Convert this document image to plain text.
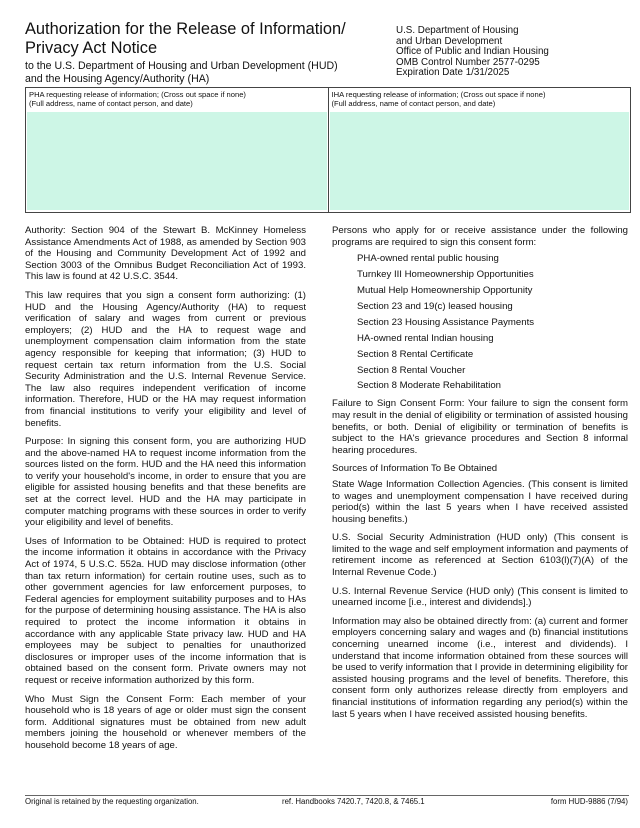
Authorization for the Release of Information/
Privacy Act Notice
to the U.S. Department of Housing and Urban Development (HUD)
and the Housing Agency/Authority (HA)
U.S. Department of Housing
and Urban Development
Office of Public and Indian Housing
OMB Control Number 2577-0295
Expiration Date 1/31/2025
PHA requesting release of information; (Cross out space if none)
(Full address, name of contact person, and date)
IHA requesting release of information; (Cross out space if none)
(Full address, name of contact person, and date)

Authority: Section 904 of the Stewart B. McKinney Homeless Assistance Amendments Act of 1988, as amended by Section 903 of the Housing and Community Development Act of 1992 and Section 3003 of the Omnibus Budget Reconciliation Act of 1993. This law is found at 42 U.S.C. 3544.

This law requires that you sign a consent form authorizing: (1) HUD and the Housing Agency/Authority (HA) to request verification of salary and wages from current or previous employers; (2) HUD and the HA to request wage and unemployment compensation claim information from the state agency responsible for keeping that information; (3) HUD to request certain tax return information from the U.S. Social Security Administration and the U.S. Internal Revenue Service. The law also requires independent verification of income information. Therefore, HUD or the HA may request information from financial institutions to verify your eligibility and level of benefits.

Purpose: In signing this consent form, you are authorizing HUD and the above-named HA to request income information from the sources listed on the form. HUD and the HA need this information to verify your household's income, in order to ensure that you are eligible for assisted housing benefits and that these benefits are set at the correct level. HUD and the HA may participate in computer matching programs with these sources in order to verify your eligibility and level of benefits.

Uses of Information to be Obtained: HUD is required to protect the income information it obtains in accordance with the Privacy Act of 1974, 5 U.S.C. 552a. HUD may disclose information (other than tax return information) for certain routine uses, such as to other government agencies for law enforcement purposes, to Federal agencies for employment suitability purposes and to HAs for the purpose of determining housing assistance. The HA is also required to protect the income information it obtains in accordance with any applicable State privacy law. HUD and HA employees may be subject to penalties for unauthorized disclosures or improper uses of the income information that is obtained based on the consent form. Private owners may not request or receive information authorized by this form.

Who Must Sign the Consent Form: Each member of your household who is 18 years of age or older must sign the consent form. Additional signatures must be obtained from new adult members joining the household or whenever members of the household become 18 years of age.

Persons who apply for or receive assistance under the following programs are required to sign this consent form:

PHA-owned rental public housing
Turnkey III Homeownership Opportunities
Mutual Help Homeownership Opportunity
Section 23 and 19(c) leased housing
Section 23 Housing Assistance Payments
HA-owned rental Indian housing
Section 8 Rental Certificate
Section 8 Rental Voucher
Section 8 Moderate Rehabilitation

Failure to Sign Consent Form: Your failure to sign the consent form may result in the denial of eligibility or termination of assisted housing benefits, or both. Denial of eligibility or termination of benefits is subject to the HA's grievance procedures and Section 8 informal hearing procedures.

Sources of Information To Be Obtained

State Wage Information Collection Agencies. (This consent is limited to wages and unemployment compensation I have received during period(s) within the last 5 years when I have received assisted housing benefits.)

U.S. Social Security Administration (HUD only) (This consent is limited to the wage and self employment information and payments of retirement income as referenced at Section 6103(l)(7)(A) of the Internal Revenue Code.)

U.S. Internal Revenue Service (HUD only) (This consent is limited to unearned income [i.e., interest and dividends].)

Information may also be obtained directly from: (a) current and former employers concerning salary and wages and (b) financial institutions concerning unearned income (i.e., interest and dividends). I understand that income information obtained from these sources will be used to verify information that I provide in determining eligibility for assisted housing programs and the level of benefits. Therefore, this consent form only authorizes release directly from employers and financial institutions of information regarding any period(s) within the last 5 years when I have received assisted housing benefits.

Original is retained by the requesting organization.	ref. Handbooks 7420.7, 7420.8, & 7465.1	form HUD-9886 (7/94)
